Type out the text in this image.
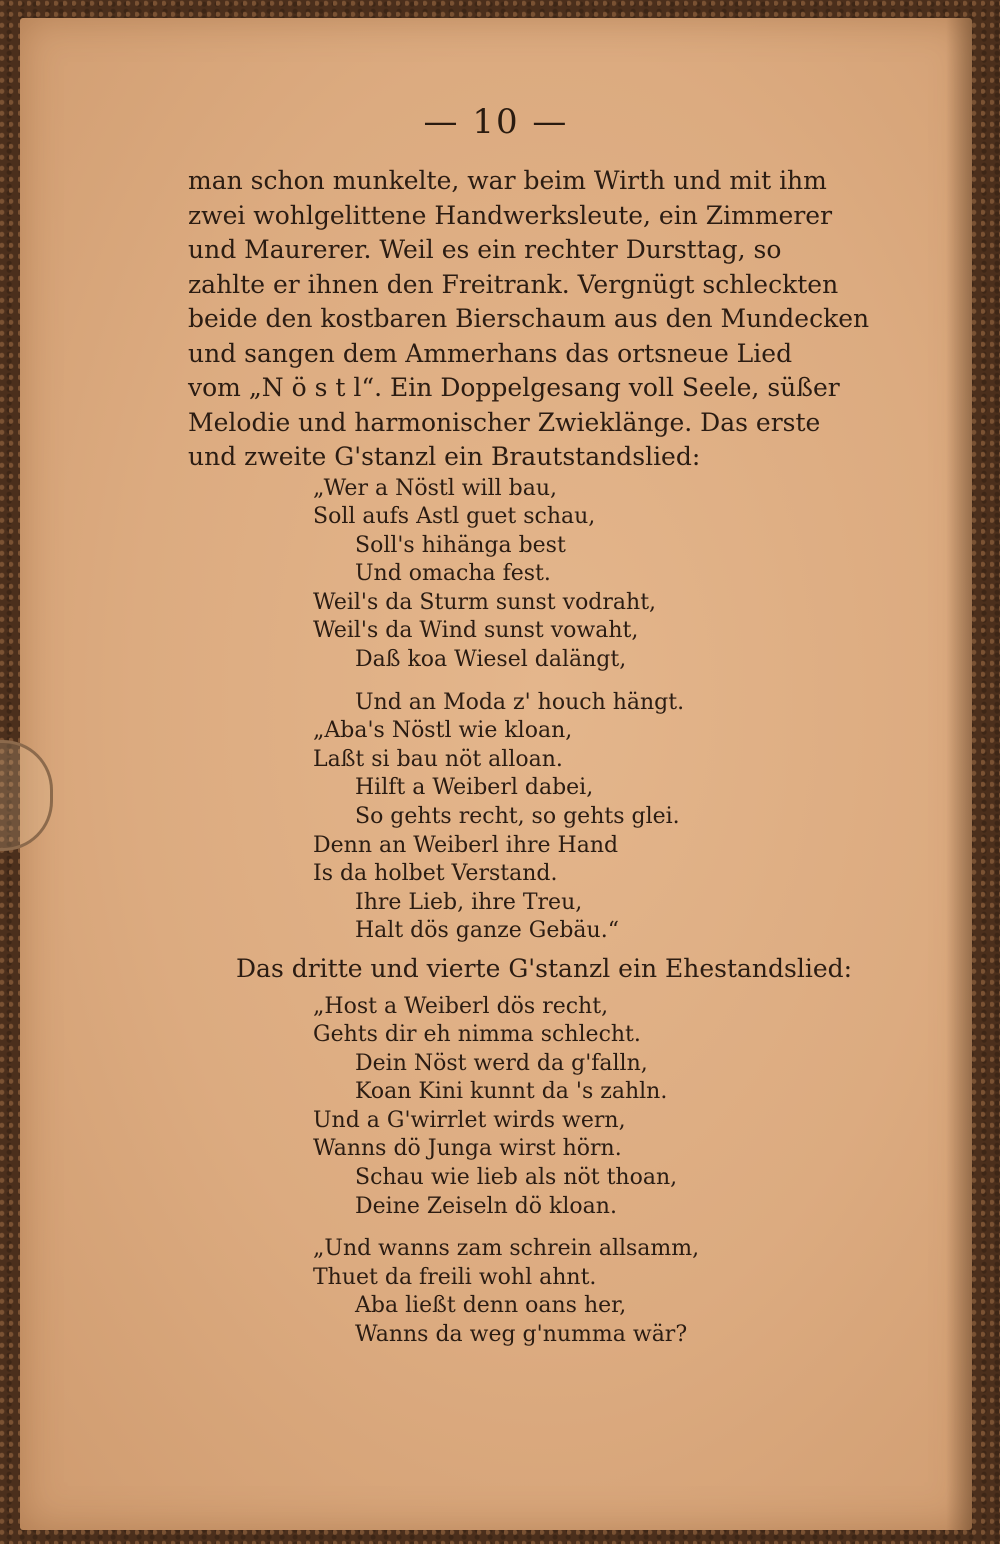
— 10 —

man schon munkelte, war beim Wirth und mit ihm

zwei wohlgelittene Handwerksleute, ein Zimmerer

und Maurerer. Weil es ein rechter Dursttag, so

zahlte er ihnen den Freitrank. Vergnügt schleckten

beide den kostbaren Bierschaum aus den Mundecken

und sangen dem Ammerhans das ortsneue Lied

vom „N ö s t l“. Ein Doppelgesang voll Seele, süßer

Melodie und harmonischer Zwieklänge. Das erste

und zweite G'stanzl ein Brautstandslied:

„Wer a Nöstl will bau,
Soll aufs Astl guet schau,
Soll's hihänga best
Und omacha fest.
Weil's da Sturm sunst vodraht,
Weil's da Wind sunst vowaht,
Daß koa Wiesel dalängt,
Und an Moda z' houch hängt.
„Aba's Nöstl wie kloan,
Laßt si bau nöt alloan.
Hilft a Weiberl dabei,
So gehts recht, so gehts glei.
Denn an Weiberl ihre Hand
Is da holbet Verstand.
Ihre Lieb, ihre Treu,
Halt dös ganze Gebäu.“
Das dritte und vierte G'stanzl ein Ehestandslied:
„Host a Weiberl dös recht,
Gehts dir eh nimma schlecht.
Dein Nöst werd da g'falln,
Koan Kini kunnt da 's zahln.
Und a G'wirrlet wirds wern,
Wanns dö Junga wirst hörn.
Schau wie lieb als nöt thoan,
Deine Zeiseln dö kloan.
„Und wanns zam schrein allsamm,
Thuet da freili wohl ahnt.
Aba ließt denn oans her,
Wanns da weg g'numma wär?
